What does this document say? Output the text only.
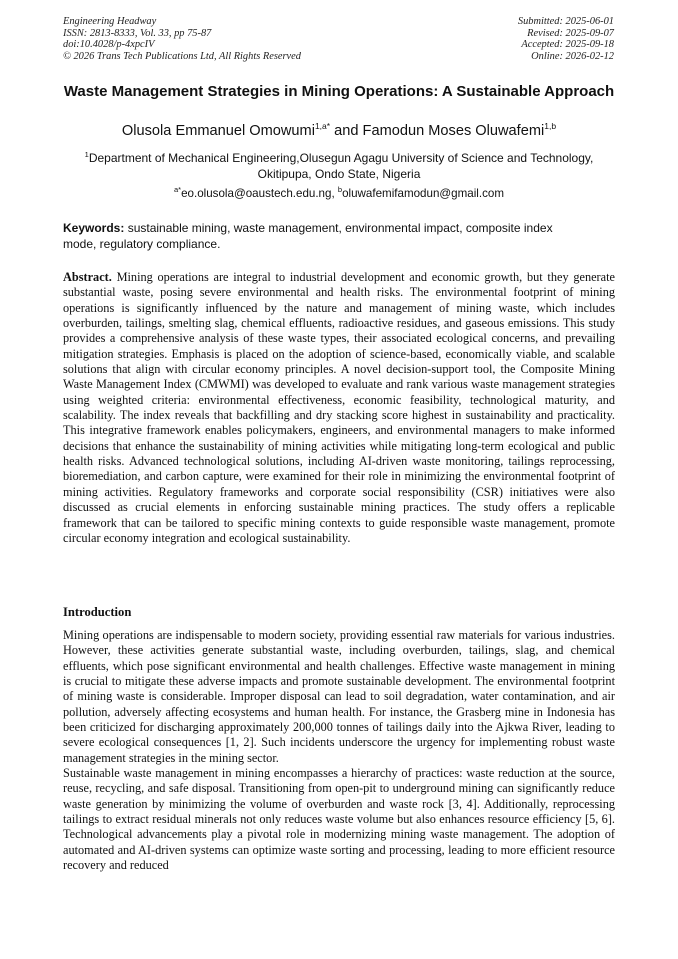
Engineering Headway
ISSN: 2813-8333, Vol. 33, pp 75-87
doi:10.4028/p-4xpcIV
© 2026 Trans Tech Publications Ltd, All Rights Reserved
Submitted: 2025-06-01
Revised: 2025-09-07
Accepted: 2025-09-18
Online: 2026-02-12
Waste Management Strategies in Mining Operations: A Sustainable Approach
Olusola Emmanuel Omowumi$^{1,a*}$ and Famodun Moses Oluwafemi$^{1,b}$
$^1$Department of Mechanical Engineering,Olusegun Agagu University of Science and Technology, Okitipupa, Ondo State, Nigeria
$^{a*}$eo.olusola@oaustech.edu.ng, $^b$oluwafemifamodun@gmail.com
Keywords: sustainable mining, waste management, environmental impact, composite index mode, regulatory compliance.
Abstract. Mining operations are integral to industrial development and economic growth, but they generate substantial waste, posing severe environmental and health risks. The environmental footprint of mining operations is significantly influenced by the nature and management of mining waste, which includes overburden, tailings, smelting slag, chemical effluents, radioactive residues, and gaseous emissions. This study provides a comprehensive analysis of these waste types, their associated ecological concerns, and prevailing mitigation strategies. Emphasis is placed on the adoption of science-based, economically viable, and scalable solutions that align with circular economy principles. A novel decision-support tool, the Composite Mining Waste Management Index (CMWMI) was developed to evaluate and rank various waste management strategies using weighted criteria: environmental effectiveness, economic feasibility, technological maturity, and scalability. The index reveals that backfilling and dry stacking score highest in sustainability and practicality. This integrative framework enables policymakers, engineers, and environmental managers to make informed decisions that enhance the sustainability of mining activities while mitigating long-term ecological and public health risks. Advanced technological solutions, including AI-driven waste monitoring, tailings reprocessing, bioremediation, and carbon capture, were examined for their role in minimizing the environmental footprint of mining activities. Regulatory frameworks and corporate social responsibility (CSR) initiatives were also discussed as crucial elements in enforcing sustainable mining practices. The study offers a replicable framework that can be tailored to specific mining contexts to guide responsible waste management, promote circular economy integration and ecological sustainability.
Introduction

Mining operations are indispensable to modern society, providing essential raw materials for various industries. However, these activities generate substantial waste, including overburden, tailings, slag, and chemical effluents, which pose significant environmental and health challenges. Effective waste management in mining is crucial to mitigate these adverse impacts and promote sustainable development. The environmental footprint of mining waste is considerable. Improper disposal can lead to soil degradation, water contamination, and air pollution, adversely affecting ecosystems and human health. For instance, the Grasberg mine in Indonesia has been criticized for discharging approximately 200,000 tonnes of tailings daily into the Ajkwa River, leading to severe ecological consequences [1, 2]. Such incidents underscore the urgency for implementing robust waste management strategies in the mining sector.

Sustainable waste management in mining encompasses a hierarchy of practices: waste reduction at the source, reuse, recycling, and safe disposal. Transitioning from open-pit to underground mining can significantly reduce waste generation by minimizing the volume of overburden and waste rock [3, 4]. Additionally, reprocessing tailings to extract residual minerals not only reduces waste volume but also enhances resource efficiency [5, 6]. Technological advancements play a pivotal role in modernizing mining waste management. The adoption of automated and AI-driven systems can optimize waste sorting and processing, leading to more efficient resource recovery and reduced
